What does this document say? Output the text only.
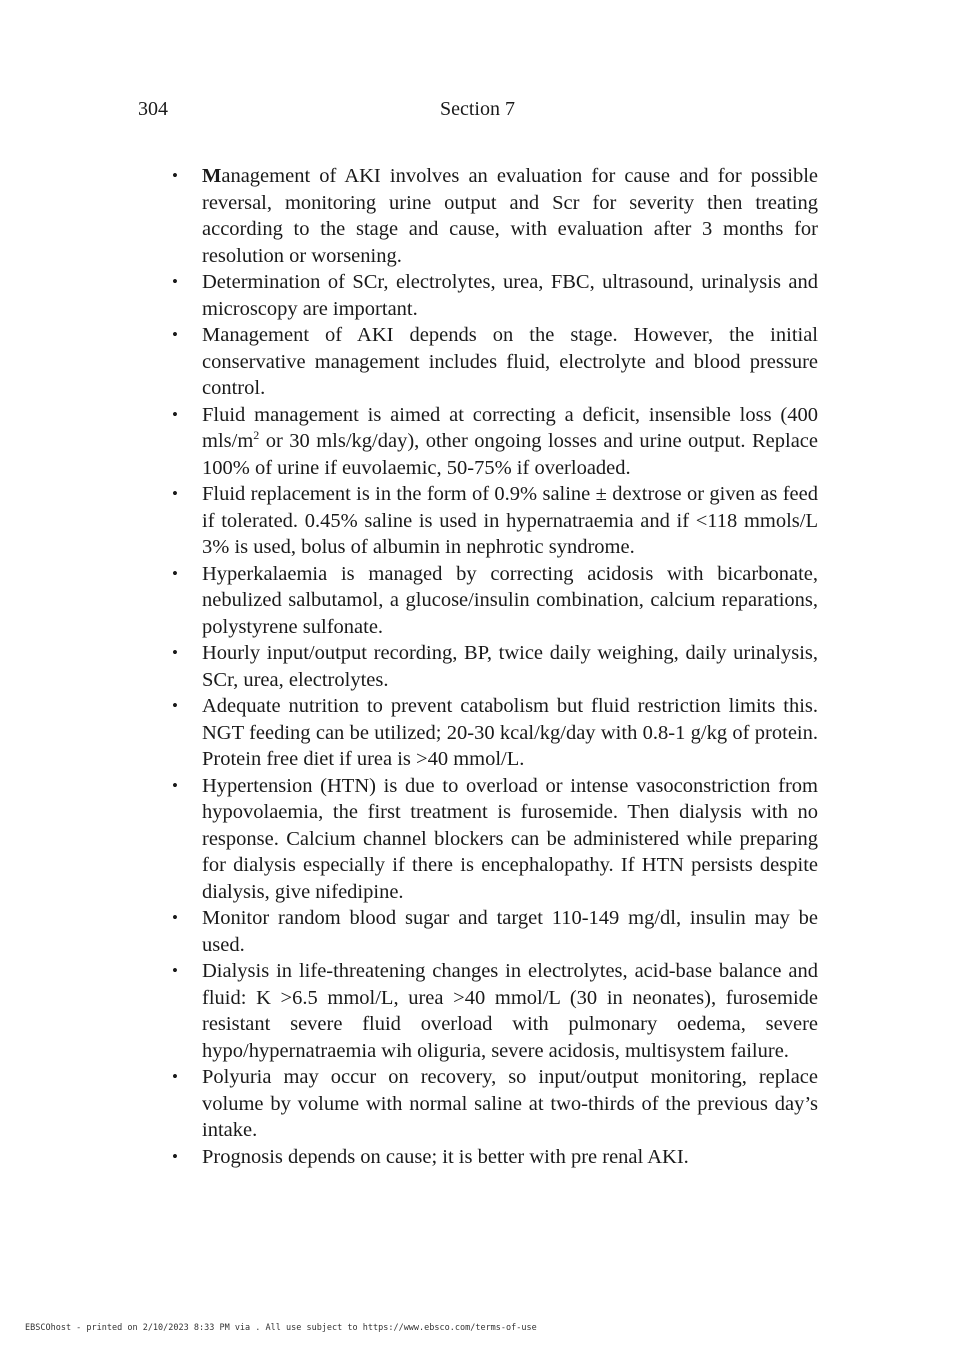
304	Section 7
• Management of AKI involves an evaluation for cause and for possible reversal, monitoring urine output and Scr for severity then treating according to the stage and cause, with evaluation after 3 months for resolution or worsening.
• Determination of SCr, electrolytes, urea, FBC, ultrasound, urinalysis and microscopy are important.
• Management of AKI depends on the stage. However, the initial conservative management includes fluid, electrolyte and blood pressure control.
• Fluid management is aimed at correcting a deficit, insensible loss (400 mls/$m^2$ or 30 mls/kg/day), other ongoing losses and urine output. Replace 100% of urine if euvolaemic, 50-75% if overloaded.
• Fluid replacement is in the form of 0.9% saline ± dextrose or given as feed if tolerated. 0.45% saline is used in hypernatraemia and if <118 mmols/L 3% is used, bolus of albumin in nephrotic syndrome.
• Hyperkalaemia is managed by correcting acidosis with bicarbonate, nebulized salbutamol, a glucose/insulin combination, calcium reparations, polystyrene sulfonate.
• Hourly input/output recording, BP, twice daily weighing, daily urinalysis, SCr, urea, electrolytes.
• Adequate nutrition to prevent catabolism but fluid restriction limits this. NGT feeding can be utilized; 20-30 kcal/kg/day with 0.8-1 g/kg of protein. Protein free diet if urea is >40 mmol/L.
• Hypertension (HTN) is due to overload or intense vasoconstriction from hypovolaemia, the first treatment is furosemide. Then dialysis with no response. Calcium channel blockers can be administered while preparing for dialysis especially if there is encephalopathy. If HTN persists despite dialysis, give nifedipine.
• Monitor random blood sugar and target 110-149 mg/dl, insulin may be used.
• Dialysis in life-threatening changes in electrolytes, acid-base balance and fluid: K >6.5 mmol/L, urea >40 mmol/L (30 in neonates), furosemide resistant severe fluid overload with pulmonary oedema, severe hypo/hypernatraemia wih oliguria, severe acidosis, multisystem failure.
• Polyuria may occur on recovery, so input/output monitoring, replace volume by volume with normal saline at two-thirds of the previous day’s intake.
• Prognosis depends on cause; it is better with pre renal AKI.
EBSCOhost - printed on 2/10/2023 8:33 PM via . All use subject to https://www.ebsco.com/terms-of-use
